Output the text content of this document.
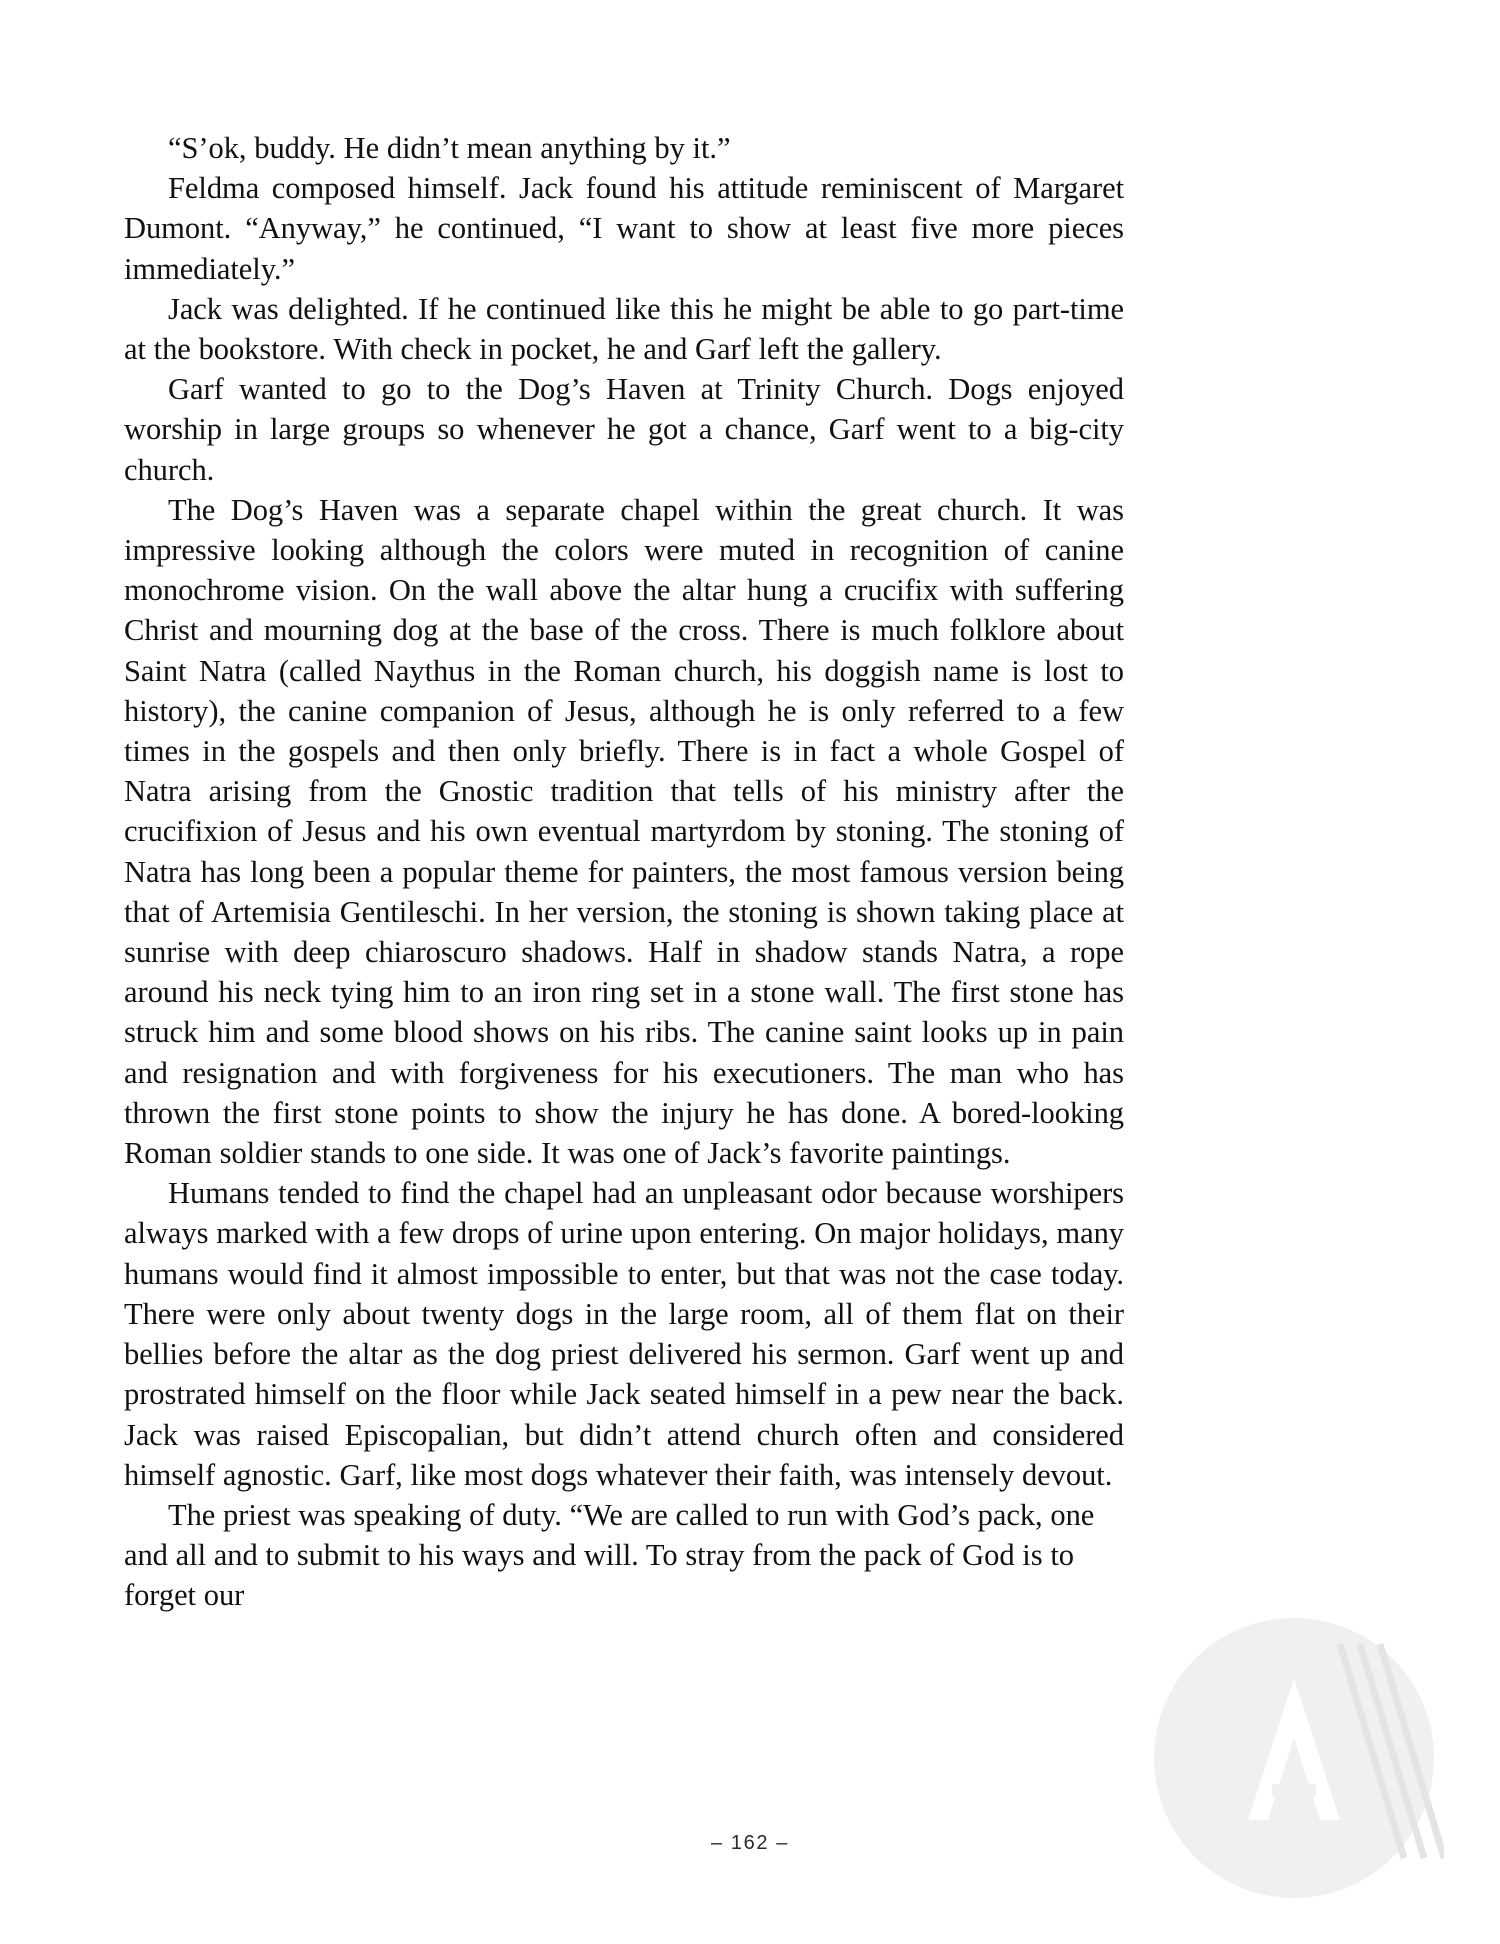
“S’ok, buddy. He didn’t mean anything by it.”

Feldma composed himself. Jack found his attitude reminiscent of Margaret Dumont. “Anyway,” he continued, “I want to show at least five more pieces immediately.”

Jack was delighted. If he continued like this he might be able to go part-time at the bookstore. With check in pocket, he and Garf left the gallery.

Garf wanted to go to the Dog’s Haven at Trinity Church. Dogs enjoyed worship in large groups so whenever he got a chance, Garf went to a big-city church.

The Dog’s Haven was a separate chapel within the great church. It was impressive looking although the colors were muted in recognition of canine monochrome vision. On the wall above the altar hung a crucifix with suffering Christ and mourning dog at the base of the cross. There is much folklore about Saint Natra (called Naythus in the Roman church, his doggish name is lost to history), the canine companion of Jesus, although he is only referred to a few times in the gospels and then only briefly. There is in fact a whole Gospel of Natra arising from the Gnostic tradition that tells of his ministry after the crucifixion of Jesus and his own eventual martyrdom by stoning. The stoning of Natra has long been a popular theme for painters, the most famous version being that of Artemisia Gentileschi. In her version, the stoning is shown taking place at sunrise with deep chiaroscuro shadows. Half in shadow stands Natra, a rope around his neck tying him to an iron ring set in a stone wall. The first stone has struck him and some blood shows on his ribs. The canine saint looks up in pain and resignation and with forgiveness for his executioners. The man who has thrown the first stone points to show the injury he has done. A bored-looking Roman soldier stands to one side. It was one of Jack’s favorite paintings.

Humans tended to find the chapel had an unpleasant odor because worshipers always marked with a few drops of urine upon entering. On major holidays, many humans would find it almost impossible to enter, but that was not the case today. There were only about twenty dogs in the large room, all of them flat on their bellies before the altar as the dog priest delivered his sermon. Garf went up and prostrated himself on the floor while Jack seated himself in a pew near the back. Jack was raised Episcopalian, but didn’t attend church often and considered himself agnostic. Garf, like most dogs whatever their faith, was intensely devout.

The priest was speaking of duty. “We are called to run with God’s pack, one and all and to submit to his ways and will. To stray from the pack of God is to forget our

– 162 –
